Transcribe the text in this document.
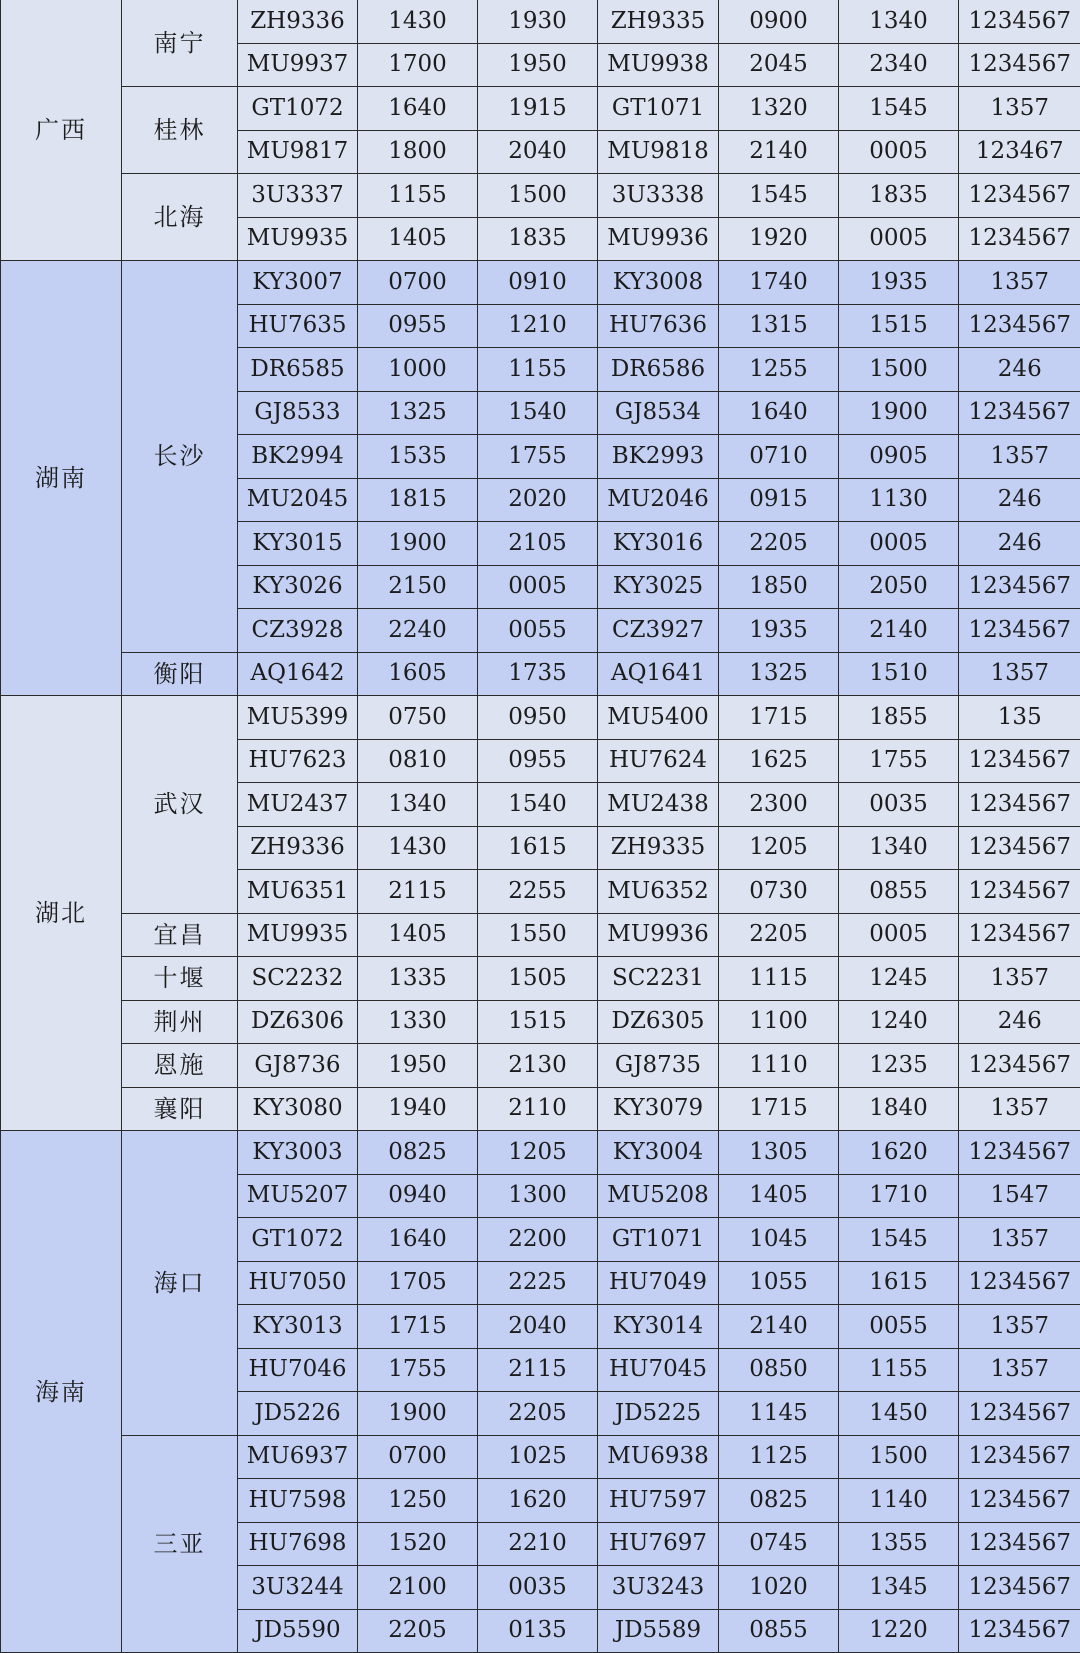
广西	南宁	ZH9336	1430	1930	ZH9335	0900	1340	1234567
		MU9937	1700	1950	MU9938	2045	2340	1234567
	桂林	GT1072	1640	1915	GT1071	1320	1545	1357
		MU9817	1800	2040	MU9818	2140	0005	123467
	北海	3U3337	1155	1500	3U3338	1545	1835	1234567
		MU9935	1405	1835	MU9936	1920	0005	1234567
湖南	长沙	KY3007	0700	0910	KY3008	1740	1935	1357
		HU7635	0955	1210	HU7636	1315	1515	1234567
		DR6585	1000	1155	DR6586	1255	1500	246
		GJ8533	1325	1540	GJ8534	1640	1900	1234567
		BK2994	1535	1755	BK2993	0710	0905	1357
		MU2045	1815	2020	MU2046	0915	1130	246
		KY3015	1900	2105	KY3016	2205	0005	246
		KY3026	2150	0005	KY3025	1850	2050	1234567
		CZ3928	2240	0055	CZ3927	1935	2140	1234567
	衡阳	AQ1642	1605	1735	AQ1641	1325	1510	1357
湖北	武汉	MU5399	0750	0950	MU5400	1715	1855	135
		HU7623	0810	0955	HU7624	1625	1755	1234567
		MU2437	1340	1540	MU2438	2300	0035	1234567
		ZH9336	1430	1615	ZH9335	1205	1340	1234567
		MU6351	2115	2255	MU6352	0730	0855	1234567
	宜昌	MU9935	1405	1550	MU9936	2205	0005	1234567
	十堰	SC2232	1335	1505	SC2231	1115	1245	1357
	荆州	DZ6306	1330	1515	DZ6305	1100	1240	246
	恩施	GJ8736	1950	2130	GJ8735	1110	1235	1234567
	襄阳	KY3080	1940	2110	KY3079	1715	1840	1357
海南	海口	KY3003	0825	1205	KY3004	1305	1620	1234567
		MU5207	0940	1300	MU5208	1405	1710	1547
		GT1072	1640	2200	GT1071	1045	1545	1357
		HU7050	1705	2225	HU7049	1055	1615	1234567
		KY3013	1715	2040	KY3014	2140	0055	1357
		HU7046	1755	2115	HU7045	0850	1155	1357
		JD5226	1900	2205	JD5225	1145	1450	1234567
	三亚	MU6937	0700	1025	MU6938	1125	1500	1234567
		HU7598	1250	1620	HU7597	0825	1140	1234567
		HU7698	1520	2210	HU7697	0745	1355	1234567
		3U3244	2100	0035	3U3243	1020	1345	1234567
		JD5590	2205	0135	JD5589	0855	1220	1234567
